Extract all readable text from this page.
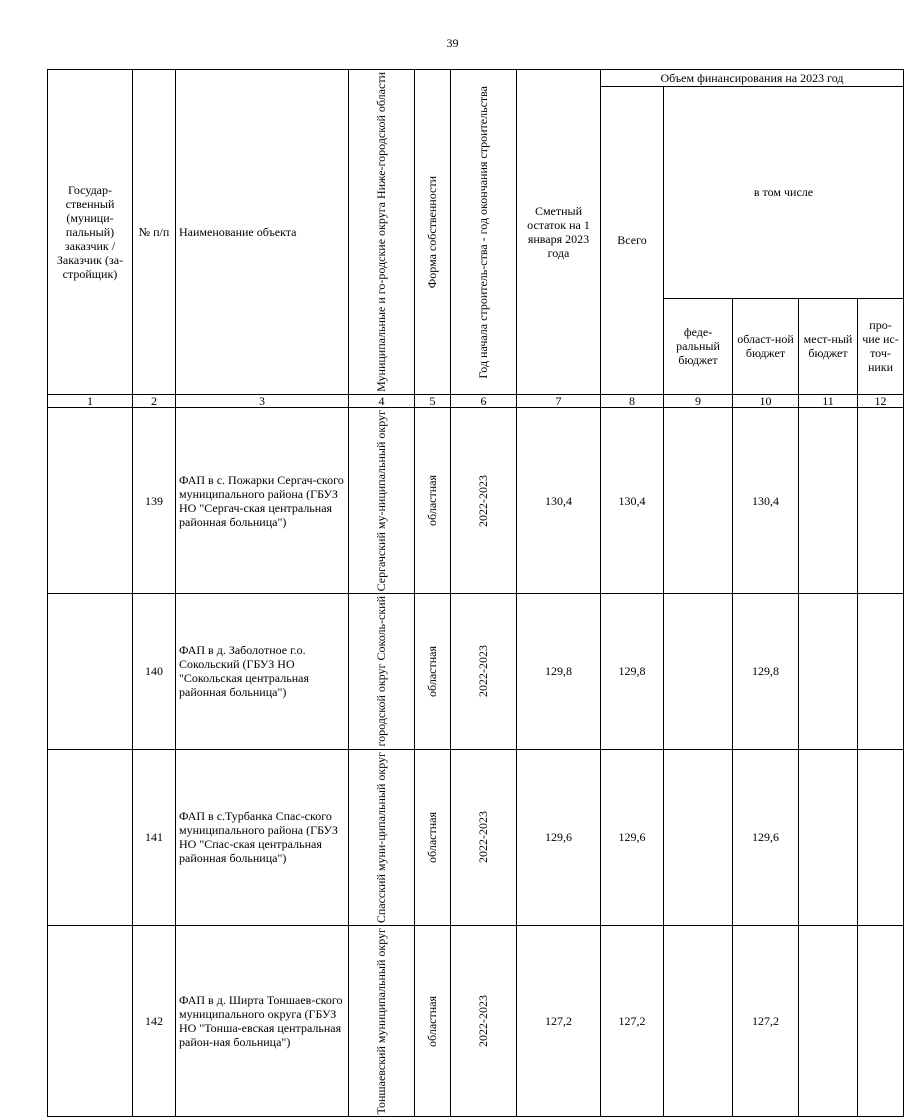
39
Государ-ственный (муници-пальный) заказчик / Заказчик (за-стройщик)	№ п/п	Наименование объекта	Муниципальные и го-родские округа Ниже-городской области	Форма собственности	Год начала строитель-ства - год окончания строительства	Сметный остаток на 1 января 2023 года	Объем финансирования на 2023 год				
							Всего	в том числе			
								феде-ральный бюджет	област-ной бюджет	мест-ный бюджет	про-чие ис-точ-ники
1	2	3	4	5	6	7	8	9	10	11	12
	139	ФАП в с. Пожарки Сергач-ского муниципального района (ГБУЗ НО "Сергач-ская центральная районная больница")	Сергачский му-ниципальный округ	областная	2022-2023	130,4	130,4		130,4		
	140	ФАП в д. Заболотное г.о. Сокольский (ГБУЗ НО "Сокольская центральная районная больница")	городской округ Соколь-ский	областная	2022-2023	129,8	129,8		129,8		
	141	ФАП в с.Турбанка Спас-ского муниципального района (ГБУЗ НО "Спас-ская центральная районная больница")	Спасский муни-ципальный округ	областная	2022-2023	129,6	129,6		129,6		
	142	ФАП в д. Ширта Тоншаев-ского муниципального округа (ГБУЗ НО "Тонша-евская центральная район-ная больница")	Тоншаевский муниципальный округ	областная	2022-2023	127,2	127,2		127,2		
